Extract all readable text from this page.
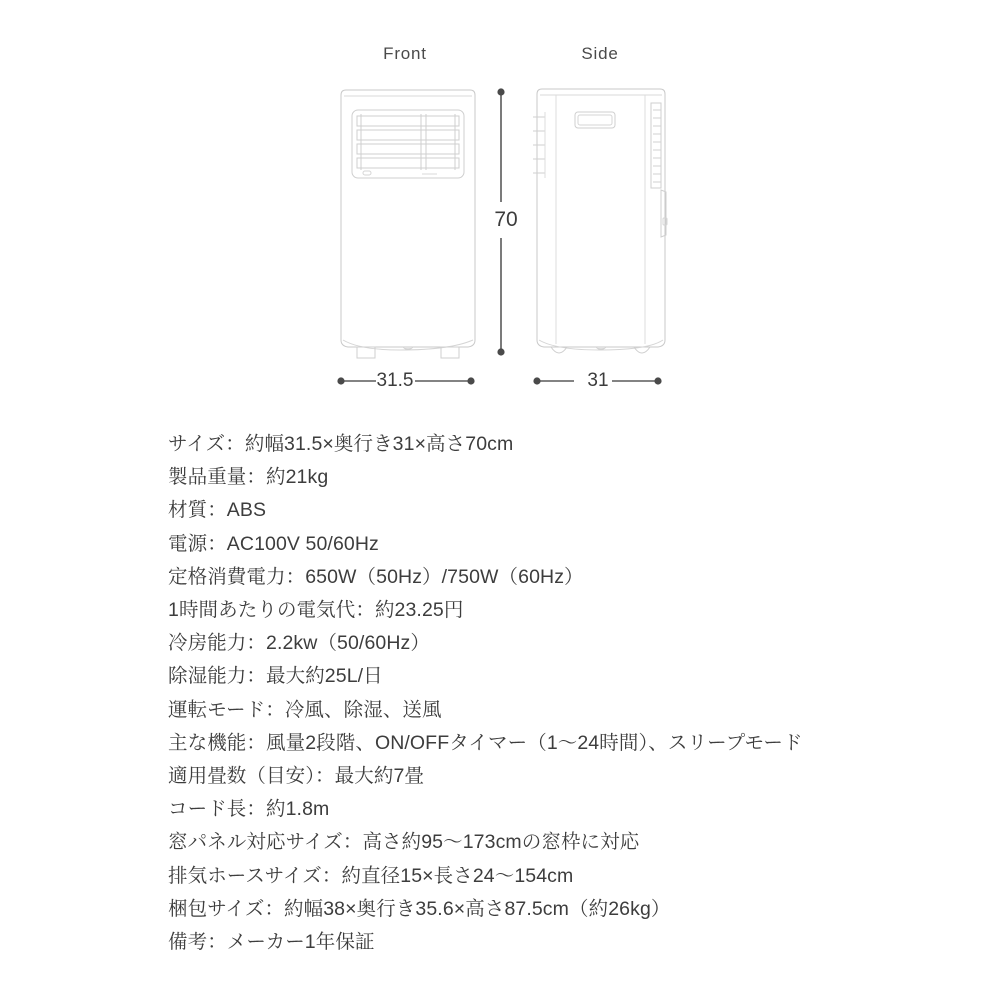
Front	Side
70
31.5	31
サイズ：約幅31.5×奥行き31×高さ70cm
製品重量：約21kg
材質：ABS
電源：AC100V 50/60Hz
定格消費電力：650W（50Hz）/750W（60Hz）
1時間あたりの電気代：約23.25円
冷房能力：2.2kw（50/60Hz）
除湿能力：最大約25L/日
運転モード：冷風、除湿、送風
主な機能：風量2段階、ON/OFFタイマー（1〜24時間）、スリープモード
適用畳数（目安）：最大約7畳
コード長：約1.8m
窓パネル対応サイズ：高さ約95〜173cmの窓枠に対応
排気ホースサイズ：約直径15×長さ24〜154cm
梱包サイズ：約幅38×奥行き35.6×高さ87.5cm（約26kg）
備考：メーカー1年保証
